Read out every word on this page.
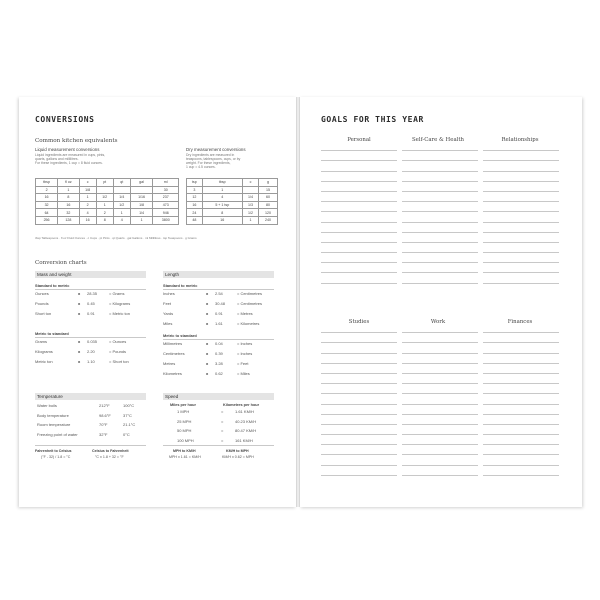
CONVERSIONS
Common kitchen equivalents
Liquid measurement conversions
Liquid ingredients are measured in cups, pints,
quarts, gallons and millilitres.
For these ingredients, 1 cup = 8 fluid ounces.
tbsp	fl oz	c	pt	qt	gal	ml
2	1	1/8				30
16	8	1	1/2	1/4	1/16	237
32	16	2	1	1/2	1/8	473
64	32	4	2	1	1/4	946
256	128	16	8	4	1	3800
Dry measurement conversions
Dry ingredients are measured in
teaspoons, tablespoons, cups, or by
weight. For these ingredients,
1 cup = 4.5 ounces.
tsp	tbsp	c	g
3	1		15
12	4	1/4	60
16	5 + 1 tsp	1/3	80
24	8	1/2	120
48	16	1	240
tbsp Tablespoons · fl oz Fluid Ounces · c Cups · pt Pints · qt Quarts · gal Gallons · ml Millilitres · tsp Teaspoons · g Grams
Conversion charts
Mass and weight
Standard to metric
Metric to standard
Length
Standard to metric
Metric to standard
Temperature
Fahrenheit to Celsius	Celsius to Fahrenheit
(°F - 32) / 1.8 = °C	°C x 1.8 + 32 = °F
Speed
Miles per hour	Kilometres per hour
MPH to KM/H	KM/H to MPH
MPH x 1.61 = KM/H	KM/H x 0.62 = MPH
Ounces	x 28.35	= Grams
Pounds	x 0.45	= Kilograms
Short ton	x 0.91	= Metric ton
Grams	x 0.035	= Ounces
Kilograms	x 2.20	= Pounds
Metric ton	x 1.10	= Short ton
Inches	x 2.54	= Centimetres
Feet	x 30.48	= Centimetres
Yards	x 0.91	= Metres
Miles	x 1.61	= Kilometres
Millimetres	x 0.04	= Inches
Centimetres	x 0.39	= Inches
Metres	x 3.28	= Feet
Kilometres	x 0.62	= Miles
Water boils	212°F	100°C
Body temperature	98.6°F	37°C
Room temperature	70°F	21.1°C
Freezing point of water	32°F	0°C
1 MPH	=	1.61 KM/H
25 MPH	=	40.23 KM/H
50 MPH	=	80.47 KM/H
100 MPH	=	161 KM/H
GOALS FOR THIS YEAR
Personal	Self-Care & Health	Relationships
Studies	Work	Finances
